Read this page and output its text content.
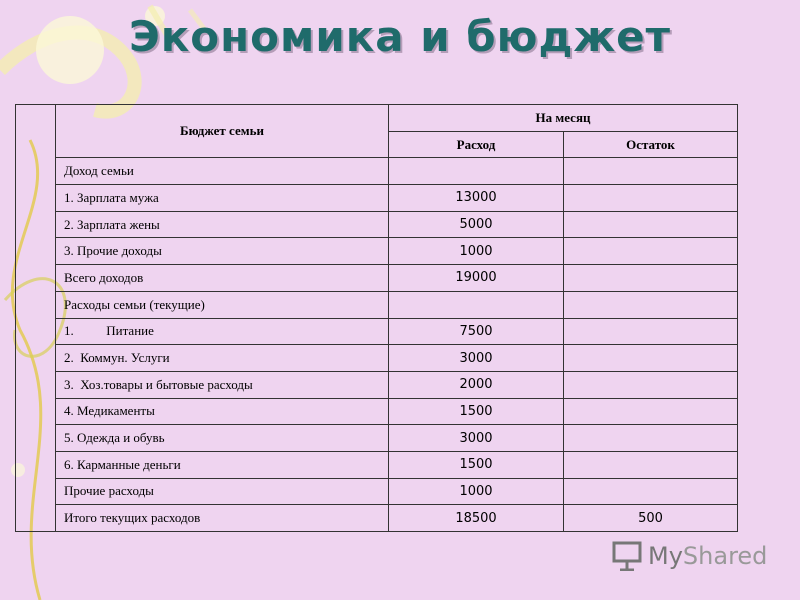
Экономика и бюджет
	Бюджет семьи	На месяц	
		Расход	Остаток
	Доход семьи		
	1. Зарплата мужа	13000	
	2. Зарплата жены	5000	
	3. Прочие доходы	1000	
	Всего доходов	19000	
	Расходы семьи (текущие)		
	1.          Питание	7500	
	2.  Коммун. Услуги	3000	
	3.  Хоз.товары и бытовые расходы	2000	
	4. Медикаменты	1500	
	5. Одежда и обувь	3000	
	6. Карманные деньги	1500	
	Прочие расходы	1000	
	Итого текущих расходов	18500	500
MyShared
